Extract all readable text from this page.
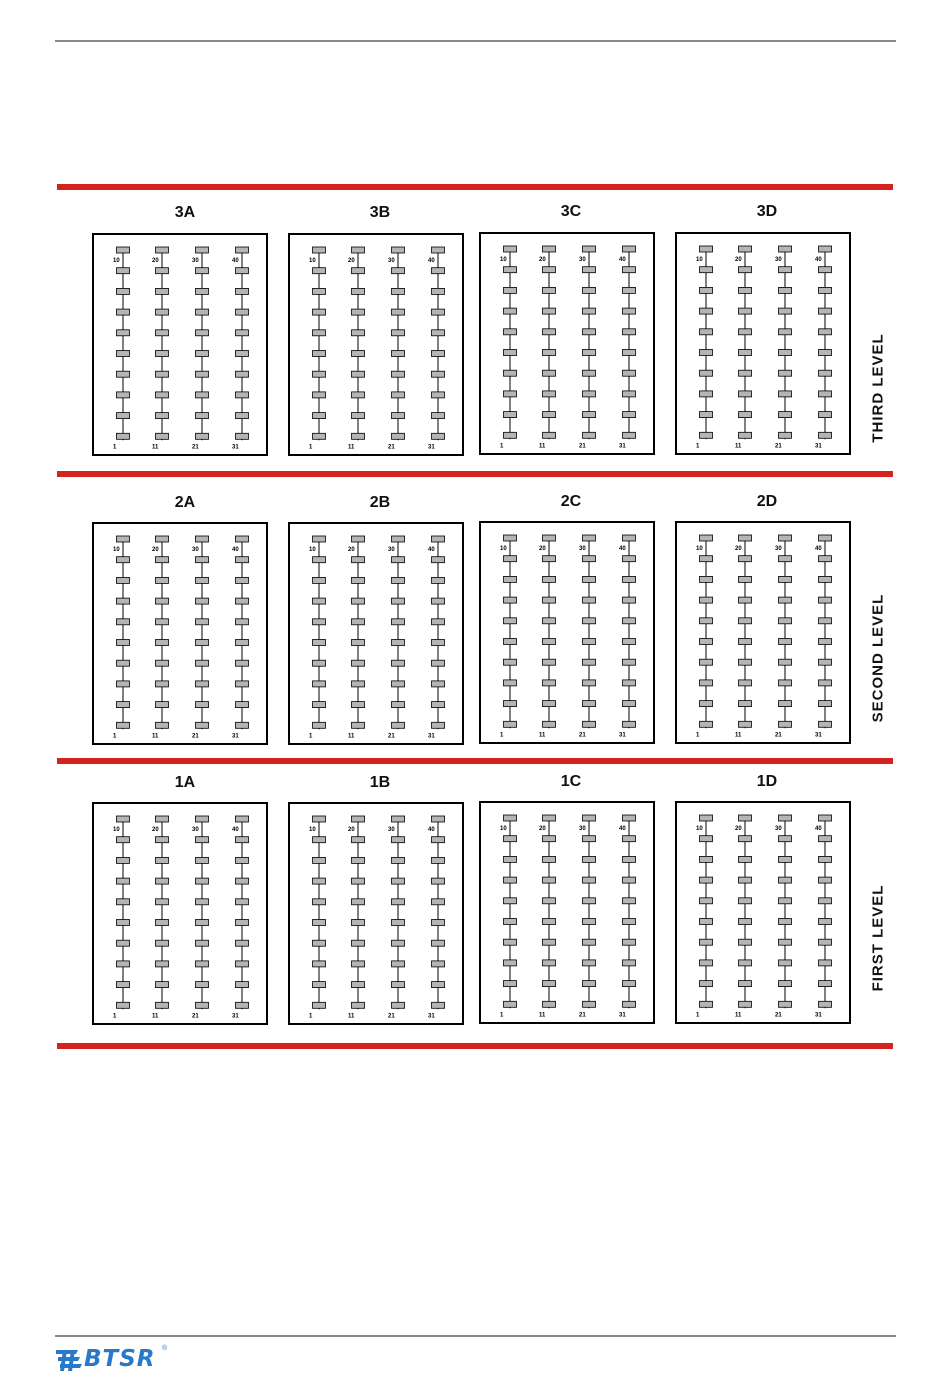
3A	3B	3C	3D
10
1
20
11
30
21
40
31
10
1
20
11
30
21
40
31
10
1
20
11
30
21
40
31
10
1
20
11
30
21
40
31
THIRD LEVEL
2A	2B	2C	2D
10
1
20
11
30
21
40
31
10
1
20
11
30
21
40
31
10
1
20
11
30
21
40
31
10
1
20
11
30
21
40
31
SECOND LEVEL
1A	1B	1C	1D
10
1
20
11
30
21
40
31
10
1
20
11
30
21
40
31
10
1
20
11
30
21
40
31
10
1
20
11
30
21
40
31
FIRST LEVEL
BTSR ®
